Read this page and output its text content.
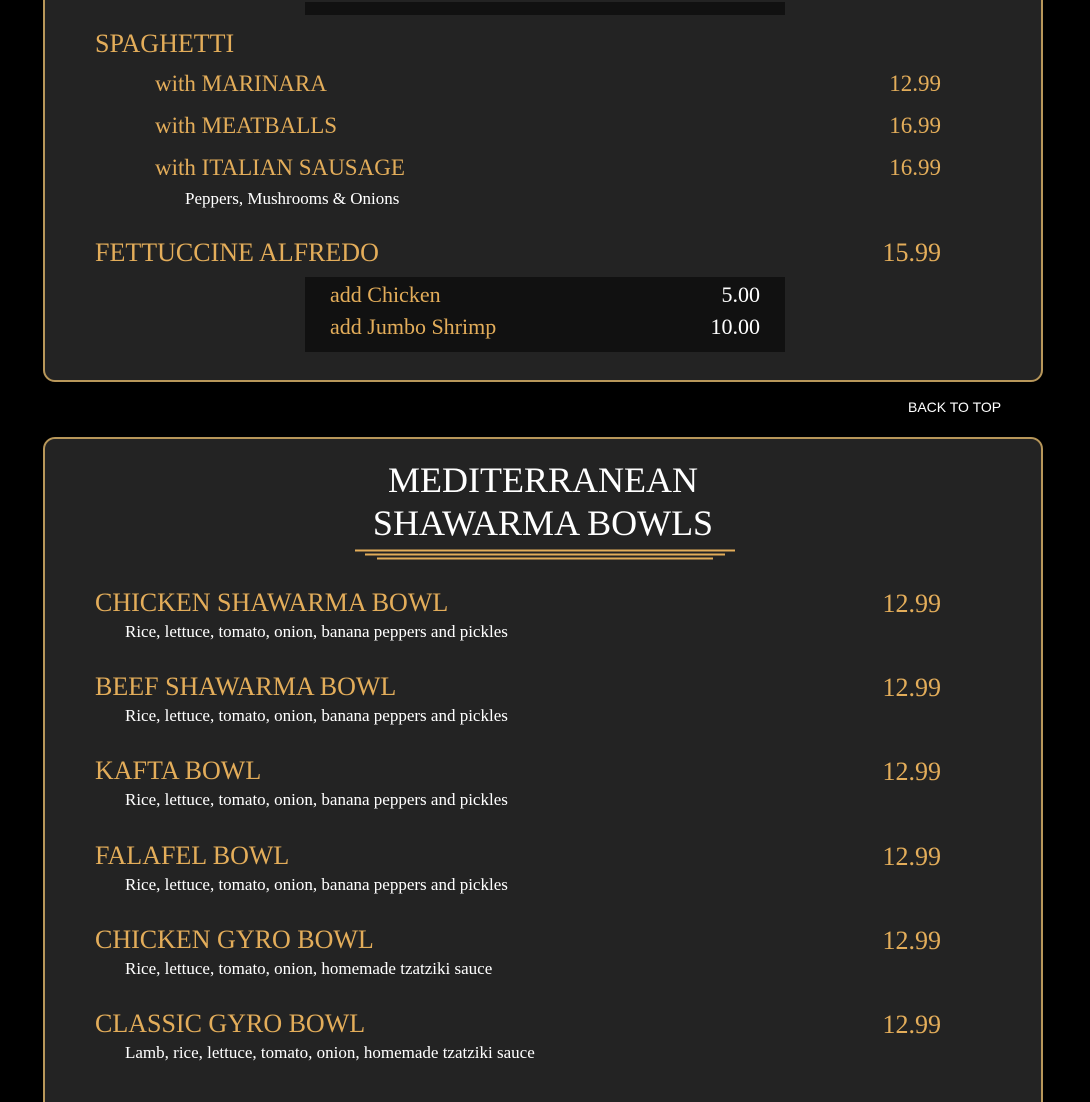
SPAGHETTI
with MARINARA	12.99
with MEATBALLS	16.99
with ITALIAN SAUSAGE	16.99
Peppers, Mushrooms & Onions
FETTUCCINE ALFREDO	15.99
add Chicken	5.00
add Jumbo Shrimp	10.00
BACK TO TOP
MEDITERRANEAN
SHAWARMA BOWLS
CHICKEN SHAWARMA BOWL	12.99
Rice, lettuce, tomato, onion, banana peppers and pickles
BEEF SHAWARMA BOWL	12.99
Rice, lettuce, tomato, onion, banana peppers and pickles
KAFTA BOWL	12.99
Rice, lettuce, tomato, onion, banana peppers and pickles
FALAFEL BOWL	12.99
Rice, lettuce, tomato, onion, banana peppers and pickles
CHICKEN GYRO BOWL	12.99
Rice, lettuce, tomato, onion, homemade tzatziki sauce
CLASSIC GYRO BOWL	12.99
Lamb, rice, lettuce, tomato, onion, homemade tzatziki sauce
